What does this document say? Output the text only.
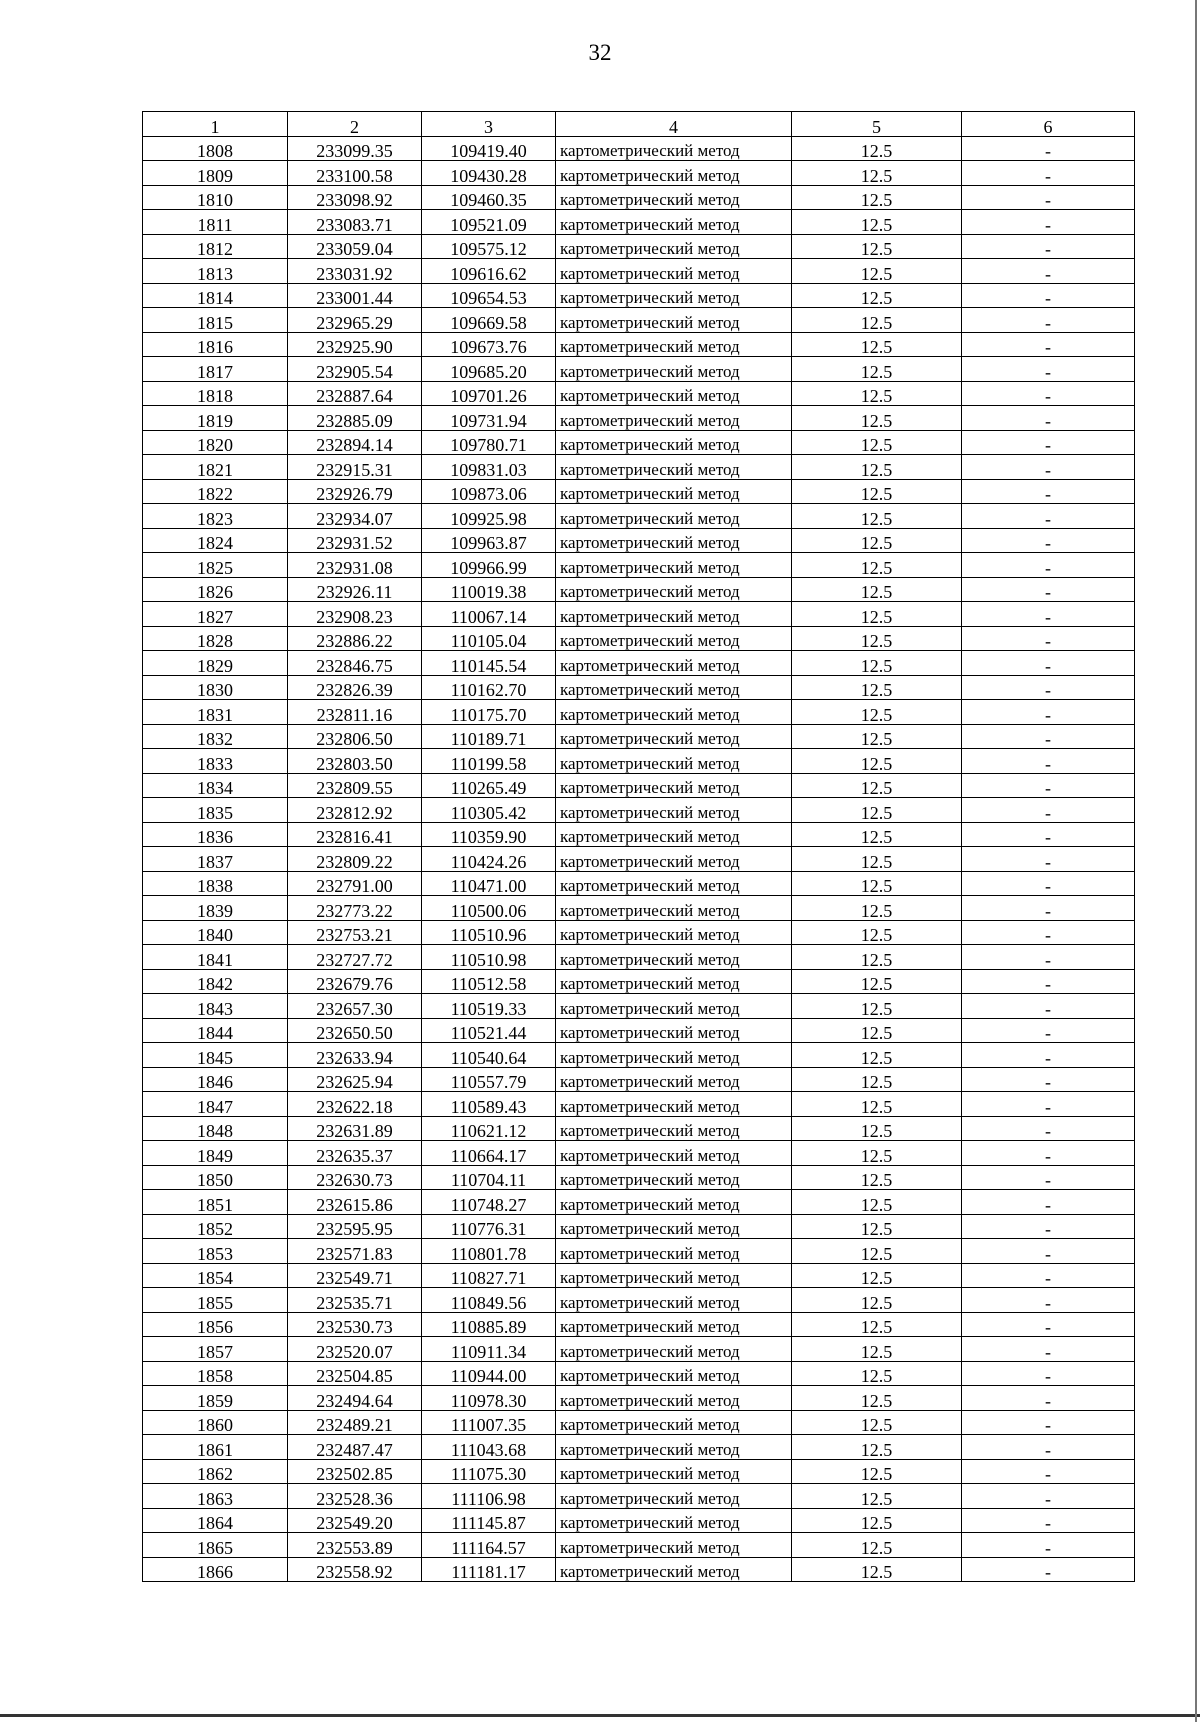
32
1	2	3	4	5	6
1808	233099.35	109419.40	картометрический метод	12.5	-
1809	233100.58	109430.28	картометрический метод	12.5	-
1810	233098.92	109460.35	картометрический метод	12.5	-
1811	233083.71	109521.09	картометрический метод	12.5	-
1812	233059.04	109575.12	картометрический метод	12.5	-
1813	233031.92	109616.62	картометрический метод	12.5	-
1814	233001.44	109654.53	картометрический метод	12.5	-
1815	232965.29	109669.58	картометрический метод	12.5	-
1816	232925.90	109673.76	картометрический метод	12.5	-
1817	232905.54	109685.20	картометрический метод	12.5	-
1818	232887.64	109701.26	картометрический метод	12.5	-
1819	232885.09	109731.94	картометрический метод	12.5	-
1820	232894.14	109780.71	картометрический метод	12.5	-
1821	232915.31	109831.03	картометрический метод	12.5	-
1822	232926.79	109873.06	картометрический метод	12.5	-
1823	232934.07	109925.98	картометрический метод	12.5	-
1824	232931.52	109963.87	картометрический метод	12.5	-
1825	232931.08	109966.99	картометрический метод	12.5	-
1826	232926.11	110019.38	картометрический метод	12.5	-
1827	232908.23	110067.14	картометрический метод	12.5	-
1828	232886.22	110105.04	картометрический метод	12.5	-
1829	232846.75	110145.54	картометрический метод	12.5	-
1830	232826.39	110162.70	картометрический метод	12.5	-
1831	232811.16	110175.70	картометрический метод	12.5	-
1832	232806.50	110189.71	картометрический метод	12.5	-
1833	232803.50	110199.58	картометрический метод	12.5	-
1834	232809.55	110265.49	картометрический метод	12.5	-
1835	232812.92	110305.42	картометрический метод	12.5	-
1836	232816.41	110359.90	картометрический метод	12.5	-
1837	232809.22	110424.26	картометрический метод	12.5	-
1838	232791.00	110471.00	картометрический метод	12.5	-
1839	232773.22	110500.06	картометрический метод	12.5	-
1840	232753.21	110510.96	картометрический метод	12.5	-
1841	232727.72	110510.98	картометрический метод	12.5	-
1842	232679.76	110512.58	картометрический метод	12.5	-
1843	232657.30	110519.33	картометрический метод	12.5	-
1844	232650.50	110521.44	картометрический метод	12.5	-
1845	232633.94	110540.64	картометрический метод	12.5	-
1846	232625.94	110557.79	картометрический метод	12.5	-
1847	232622.18	110589.43	картометрический метод	12.5	-
1848	232631.89	110621.12	картометрический метод	12.5	-
1849	232635.37	110664.17	картометрический метод	12.5	-
1850	232630.73	110704.11	картометрический метод	12.5	-
1851	232615.86	110748.27	картометрический метод	12.5	-
1852	232595.95	110776.31	картометрический метод	12.5	-
1853	232571.83	110801.78	картометрический метод	12.5	-
1854	232549.71	110827.71	картометрический метод	12.5	-
1855	232535.71	110849.56	картометрический метод	12.5	-
1856	232530.73	110885.89	картометрический метод	12.5	-
1857	232520.07	110911.34	картометрический метод	12.5	-
1858	232504.85	110944.00	картометрический метод	12.5	-
1859	232494.64	110978.30	картометрический метод	12.5	-
1860	232489.21	111007.35	картометрический метод	12.5	-
1861	232487.47	111043.68	картометрический метод	12.5	-
1862	232502.85	111075.30	картометрический метод	12.5	-
1863	232528.36	111106.98	картометрический метод	12.5	-
1864	232549.20	111145.87	картометрический метод	12.5	-
1865	232553.89	111164.57	картометрический метод	12.5	-
1866	232558.92	111181.17	картометрический метод	12.5	-
